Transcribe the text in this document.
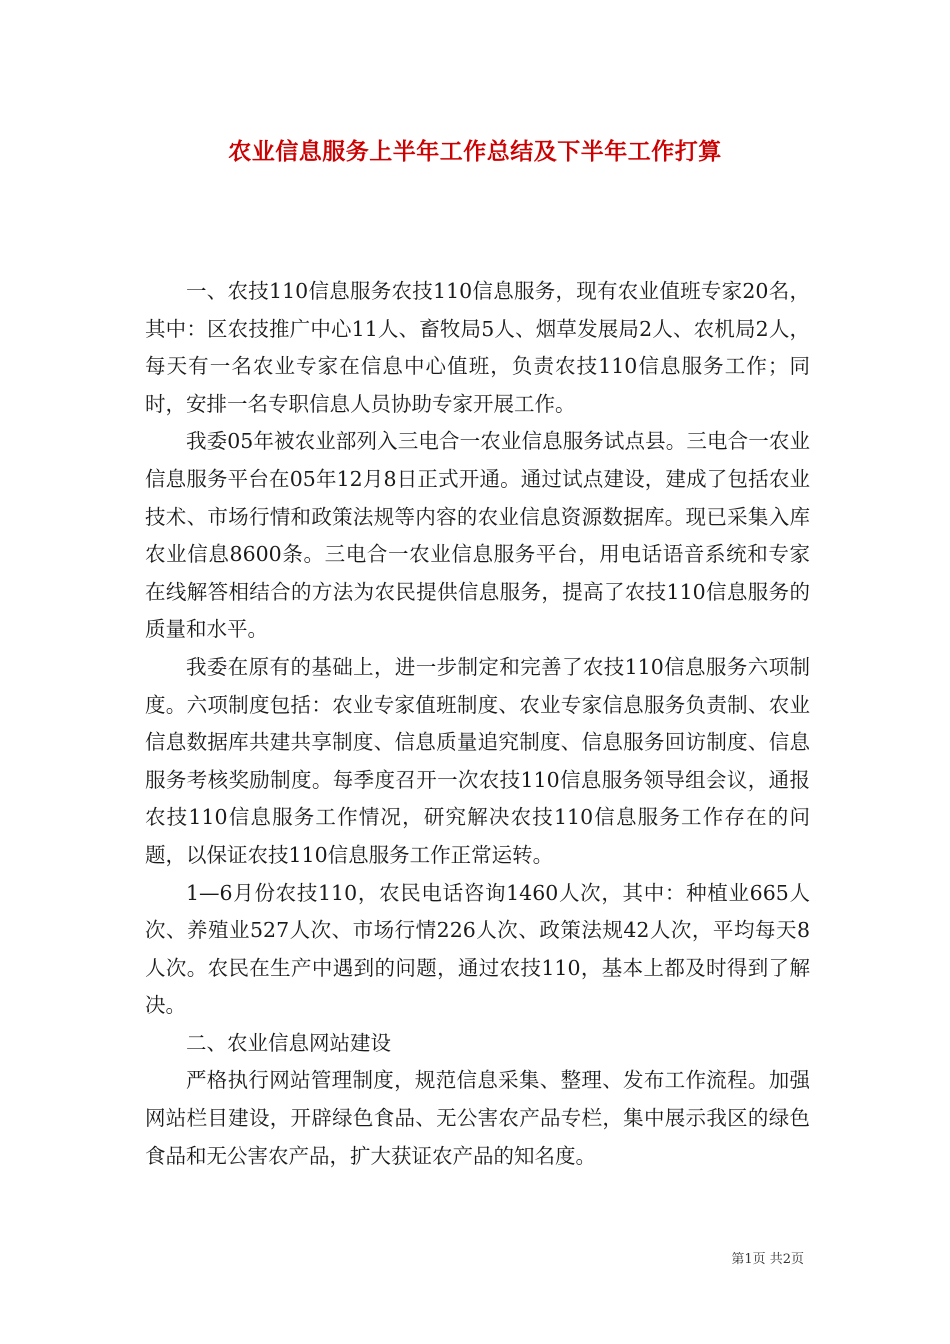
农业信息服务上半年工作总结及下半年工作打算

一、农技110信息服务农技110信息服务，现有农业值班专家20名，其中：区农技推广中心11人、畜牧局5人、烟草发展局2人、农机局2人，每天有一名农业专家在信息中心值班，负责农技110信息服务工作；同时，安排一名专职信息人员协助专家开展工作。

我委05年被农业部列入三电合一农业信息服务试点县。三电合一农业信息服务平台在05年12月8日正式开通。通过试点建设，建成了包括农业技术、市场行情和政策法规等内容的农业信息资源数据库。现已采集入库农业信息8600条。三电合一农业信息服务平台，用电话语音系统和专家在线解答相结合的方法为农民提供信息服务，提高了农技110信息服务的质量和水平。

我委在原有的基础上，进一步制定和完善了农技110信息服务六项制度。六项制度包括：农业专家值班制度、农业专家信息服务负责制、农业信息数据库共建共享制度、信息质量追究制度、信息服务回访制度、信息服务考核奖励制度。每季度召开一次农技110信息服务领导组会议，通报农技110信息服务工作情况，研究解决农技110信息服务工作存在的问题，以保证农技110信息服务工作正常运转。

1—6月份农技110，农民电话咨询1460人次，其中：种植业665人次、养殖业527人次、市场行情226人次、政策法规42人次，平均每天8人次。农民在生产中遇到的问题，通过农技110，基本上都及时得到了解决。

二、农业信息网站建设

严格执行网站管理制度，规范信息采集、整理、发布工作流程。加强网站栏目建设，开辟绿色食品、无公害农产品专栏，集中展示我区的绿色食品和无公害农产品，扩大获证农产品的知名度。

第1页 共2页
